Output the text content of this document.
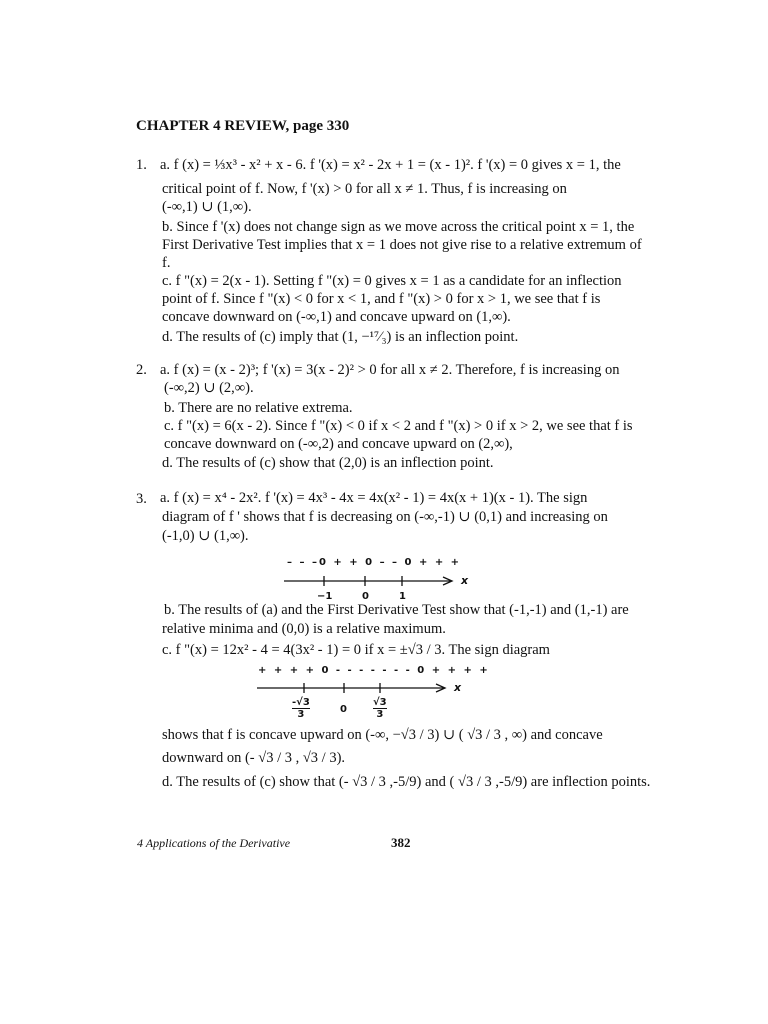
CHAPTER 4 REVIEW, page 330
1. a. f (x) = ⅓x³ - x² + x - 6. f '(x) = x² - 2x + 1 = (x - 1)². f '(x) = 0 gives x = 1, the
critical point of f. Now, f '(x) > 0 for all x ≠ 1. Thus, f is increasing on
(-∞,1) ∪ (1,∞).
b. Since f '(x) does not change sign as we move across the critical point x = 1, the
First Derivative Test implies that x = 1 does not give rise to a relative extremum of
f.
c. f "(x) = 2(x - 1). Setting f "(x) = 0 gives x = 1 as a candidate for an inflection
point of f. Since f "(x) < 0 for x < 1, and f "(x) > 0 for x > 1, we see that f is
concave downward on (-∞,1) and concave upward on (1,∞).
d. The results of (c) imply that (1, −¹⁷⁄₃) is an inflection point.
2. a. f (x) = (x - 2)³; f '(x) = 3(x - 2)² > 0 for all x ≠ 2. Therefore, f is increasing on
(-∞,2) ∪ (2,∞).
b. There are no relative extrema.
c. f "(x) = 6(x - 2). Since f "(x) < 0 if x < 2 and f "(x) > 0 if x > 2, we see that f is
concave downward on (-∞,2) and concave upward on (2,∞),
d. The results of (c) show that (2,0) is an inflection point.
3. a. f (x) = x⁴ - 2x². f '(x) = 4x³ - 4x = 4x(x² - 1) = 4x(x + 1)(x - 1). The sign
diagram of f ' shows that f is decreasing on (-∞,-1) ∪ (0,1) and increasing on
(-1,0) ∪ (1,∞).
– – –0 + + 0 – – 0 + + +
x
−1	0	1
b. The results of (a) and the First Derivative Test show that (-1,-1) and (1,-1) are
relative minima and (0,0) is a relative maximum.
c. f "(x) = 12x² - 4 = 4(3x² - 1) = 0 if x = ±√3 / 3. The sign diagram
+ + + + 0 - - - - - - - 0 + + + +
x
$\frac{-√3}{3}$	0	$\frac{√3}{3}$
shows that f is concave upward on (-∞, −√3 / 3) ∪ ( √3 / 3 , ∞) and concave
downward on (- √3 / 3 , √3 / 3).
d. The results of (c) show that (- √3 / 3 ,-5/9) and ( √3 / 3 ,-5/9) are inflection points.
4 Applications of the Derivative	382
